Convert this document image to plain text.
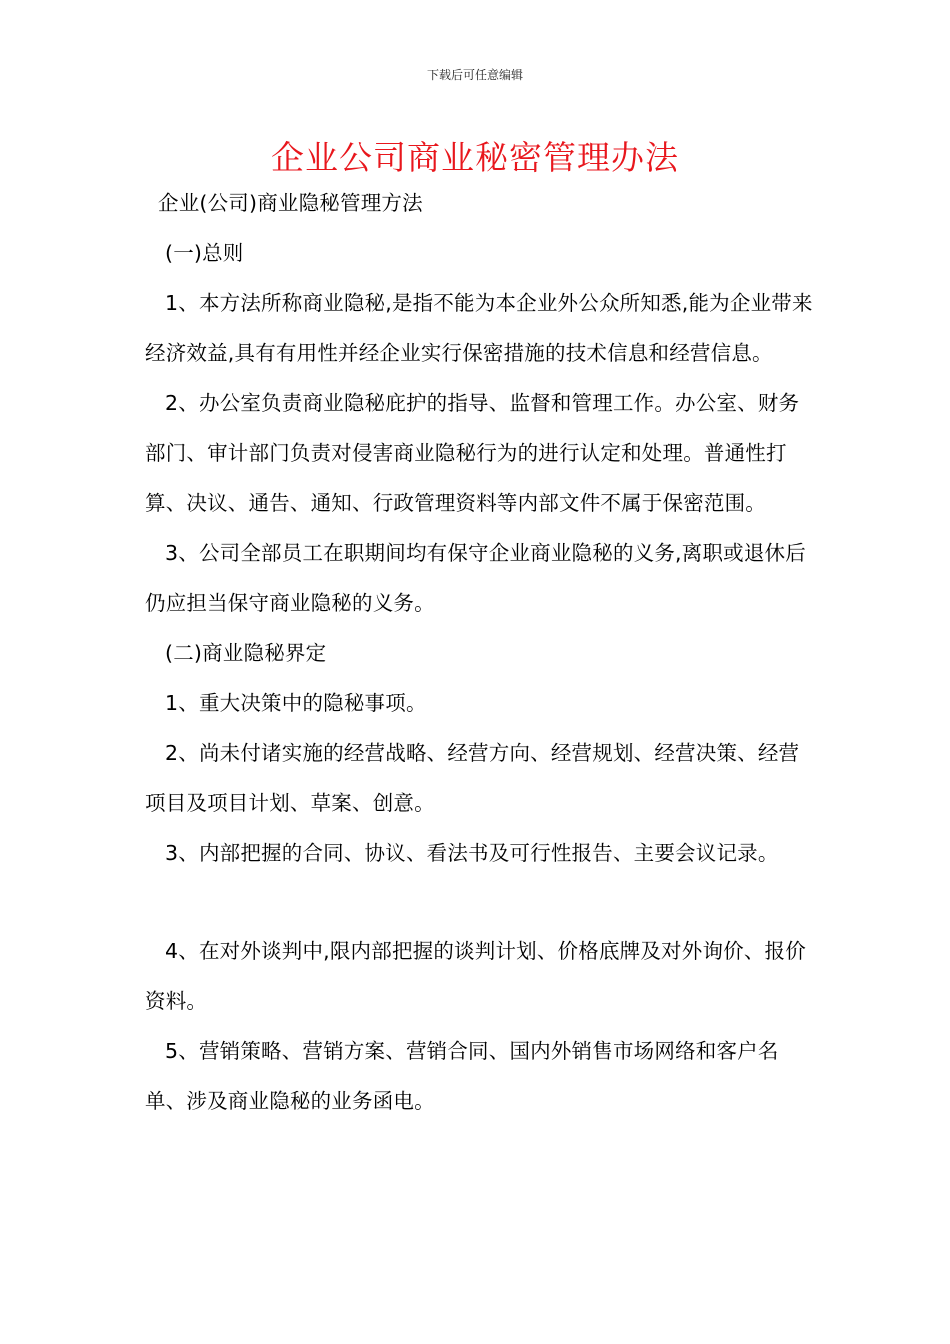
下载后可任意编辑
企业公司商业秘密管理办法

企业(公司)商业隐秘管理方法

(一)总则

1、本方法所称商业隐秘,是指不能为本企业外公众所知悉,能为企业带来经济效益,具有有用性并经企业实行保密措施的技术信息和经营信息。

2、办公室负责商业隐秘庇护的指导、监督和管理工作。办公室、财务部门、审计部门负责对侵害商业隐秘行为的进行认定和处理。普通性打算、决议、通告、通知、行政管理资料等内部文件不属于保密范围。

3、公司全部员工在职期间均有保守企业商业隐秘的义务,离职或退休后仍应担当保守商业隐秘的义务。

(二)商业隐秘界定

1、重大决策中的隐秘事项。

2、尚未付诸实施的经营战略、经营方向、经营规划、经营决策、经营项目及项目计划、草案、创意。

3、内部把握的合同、协议、看法书及可行性报告、主要会议记录。

4、在对外谈判中,限内部把握的谈判计划、价格底牌及对外询价、报价资料。

5、营销策略、营销方案、营销合同、国内外销售市场网络和客户名单、涉及商业隐秘的业务函电。
